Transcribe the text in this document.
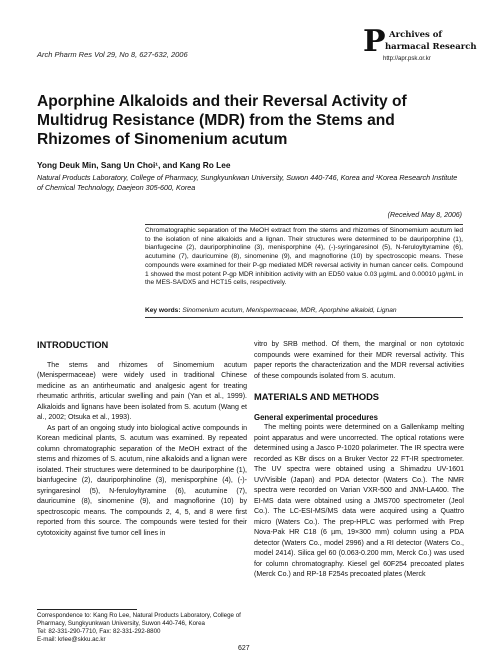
Arch Pharm Res Vol 29, No 8, 627-632, 2006	P Archives of
harmacal Research
http://apr.psk.or.kr
Aporphine Alkaloids and their Reversal Activity of Multidrug Resistance (MDR) from the Stems and Rhizomes of Sinomenium acutum
Yong Deuk Min, Sang Un Choi¹, and Kang Ro Lee
Natural Products Laboratory, College of Pharmacy, Sungkyunkwan University, Suwon 440-746, Korea and ¹Korea Research Institute of Chemical Technology, Daejeon 305-600, Korea
(Received May 8, 2006)
Chromatographic separation of the MeOH extract from the stems and rhizomes of Sinomemium acutum led to the isolation of nine alkaloids and a lignan. Their structures were determined to be dauriporphine (1), bianfugecine (2), dauriporphinoline (3), menisporphine (4), (-)-syringaresinol (5), N-feruloyltyramine (6), acutumine (7), dauricumine (8), sinomenine (9), and magnoflorine (10) by spectroscopic means. These compounds were examined for their P-gp mediated MDR reversal activity in human cancer cells. Compound 1 showed the most potent P-gp MDR inhibition activity with an ED50 value 0.03 µg/mL and 0.00010 µg/mL in the MES-SA/DX5 and HCT15 cells, respectively.
Key words: Sinomenium acutum, Menispermaceae, MDR, Aporphine alkaloid, Lignan

INTRODUCTION

The stems and rhizomes of Sinomemium acutum (Menispermaceae) were widely used in traditional Chinese medicine as an antirheumatic and analgesic agent for treating rheumatic arthritis, articular swelling and pain (Yan et al., 1999). Alkaloids and lignans have been isolated from S. acutum (Wang et al., 2002; Otsuka et al., 1993).

As part of an ongoing study into biological active compounds in Korean medicinal plants, S. acutum was examined. By repeated column chromatographic separation of the MeOH extract of the stems and rhizomes of S. acutum, nine alkaloids and a lignan were isolated. Their structures were determined to be dauriporphine (1), bianfugecine (2), dauriporphinoline (3), menisporphine (4), (-)-syringaresinol (5), N-feruloyltyramine (6), acutumine (7), dauricumine (8), sinomenine (9), and magnoflorine (10) by spectroscopic means. The compounds 2, 4, 5, and 8 were first reported from this source. The compounds were tested for their cytotoxicity against five tumor cell lines in

vitro by SRB method. Of them, the marginal or non cytotoxic compounds were examined for their MDR reversal activity. This paper reports the characterization and the MDR reversal activities of these compounds isolated from S. acutum.

MATERIALS AND METHODS

General experimental procedures

The melting points were determined on a Gallenkamp melting point apparatus and were uncorrected. The optical rotations were determined using a Jasco P-1020 polarimeter. The IR spectra were recorded as KBr discs on a Bruker Vector 22 FT-IR spectrometer. The UV spectra were obtained using a Shimadzu UV-1601 UV/Visible (Japan) and PDA detector (Waters Co.). The NMR spectra were recorded on Varian VXR-500 and JNM-LA400. The EI-MS data were obtained using a JMS700 spectrometer (Jeol Co.). The LC-ESI-MS/MS data were acquired using a Quattro micro (Waters Co.). The prep-HPLC was performed with Prep Nova-Pak HR C18 (6 µm, 19×300 mm) column using a PDA detector (Waters Co., model 2996) and a RI detector (Waters Co., model 2414). Silica gel 60 (0.063-0.200 mm, Merck Co.) was used for column chromatography. Kiesel gel 60F254 precoated plates (Merck Co.) and RP-18 F254s precoated plates (Merck

Correspondence to: Kang Ro Lee, Natural Products Laboratory, College of Pharmacy, Sungkyunkwan University, Suwon 440-746, Korea
Tel: 82-331-290-7710, Fax: 82-331-292-8800
E-mail: krlee@skku.ac.kr
627
